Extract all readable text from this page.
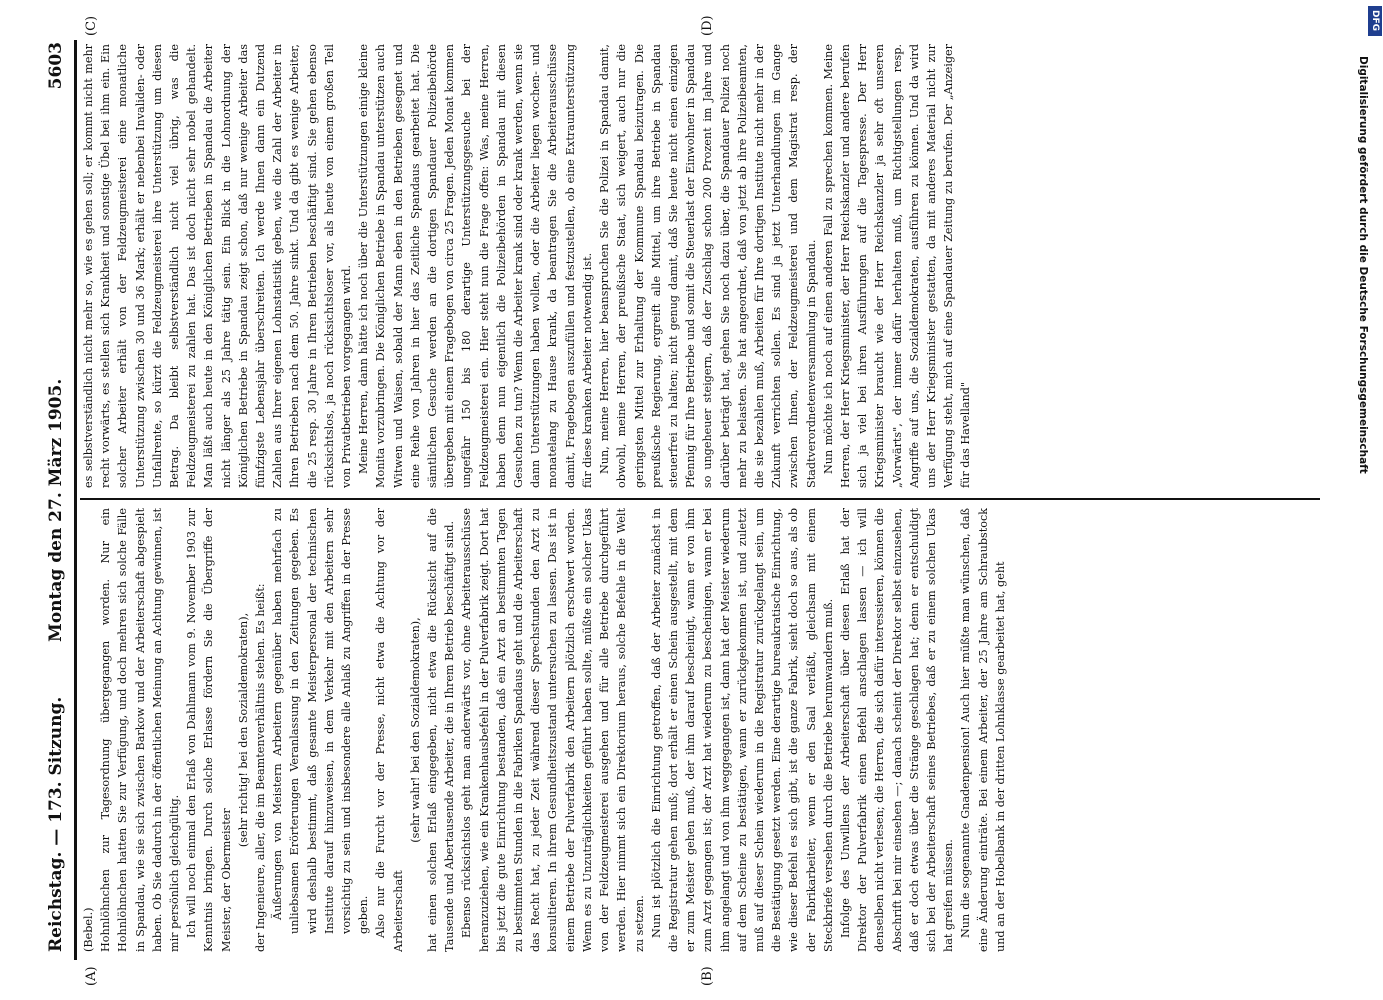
Reichstag. — 173. Sitzung.
Montag den 27. März 1905.
5603

(Bebel.) Hohnlöhnchen zur Tagesordnung übergegangen worden. Nur ein Hohnlöhnchen hatten Sie zur Verfügung, und doch mehren sich solche Fälle in Spandau, wie sie sich zwischen Barkow und der Arbeiterschaft abgespielt haben. Ob Sie dadurch in der öffentlichen Meinung an Achtung gewinnen, ist mir persönlich gleichgültig. Ich will noch einmal den Erlaß von Dahlmann vom 9. November 1903 zur Kenntnis bringen. Durch solche Erlasse fördern Sie die Übergriffe der Meister, der Obermeister

(sehr richtig! bei den Sozialdemokraten), der Ingenieure, aller, die im Beamtenverhältnis stehen. Es heißt: Äußerungen von Meistern Arbeitern gegenüber haben mehrfach zu unliebsamen Erörterungen Veranlassung in den Zeitungen gegeben. Es wird deshalb bestimmt, daß gesamte Meisterpersonal der technischen Institute darauf hinzuweisen, in dem Verkehr mit den Arbeitern sehr vorsichtig zu sein und insbesondere alle Anlaß zu Angriffen in der Presse geben. Also nur die Furcht vor der Presse, nicht etwa die Achtung vor der Arbeiterschaft

(sehr wahr! bei den Sozialdemokraten), hat einen solchen Erlaß eingegeben, nicht etwa die Rücksicht auf die Tausende und Abertausende Arbeiter, die in Ihrem Betrieb beschäftigt sind. Ebenso rücksichtslos geht man anderwärts vor, ohne Arbeiterausschüsse heranzuziehen, wie ein Krankenhausbefehl in der Pulverfabrik zeigt. Dort hat bis jetzt die gute Einrichtung bestanden, daß ein Arzt an bestimmten Tagen zu bestimmten Stunden in die Fabriken Spandaus geht und die Arbeiterschaft das Recht hat, zu jeder Zeit während dieser Sprechstunden den Arzt zu konsultieren. In ihrem Gesundheitszustand untersuchen zu lassen. Das ist in einem Betriebe der Pulverfabrik den Arbeitern plötzlich erschwert worden. Wenn es zu Unzuträglichkeiten geführt haben sollte, müßte ein solcher Ukas von der Feldzeugmeisterei ausgehen und für alle Betriebe durchgeführt werden. Hier nimmt sich ein Direktorium heraus, solche Befehle in die Welt zu setzen. Nun ist plötzlich die Einrichtung getroffen, daß der Arbeiter zunächst in die Registratur gehen muß; dort erhält er einen Schein ausgestellt, mit dem er zum Meister gehen muß, der ihm darauf bescheinigt, wann er von ihm zum Arzt gegangen ist; der Arzt hat wiederum zu bescheinigen, wann er bei ihm angelangt und von ihm weggegangen ist, dann hat der Meister wiederum auf dem Scheine zu bestätigen, wann er zurückgekommen ist, und zuletzt muß auf dieser Schein wiederum in die Registratur zurückgelangt sein, um die Bestätigung gesetzt werden. Eine derartige bureaukratische Einrichtung, wie dieser Befehl es sich gibt, ist die ganze Fabrik, sieht doch so aus, als ob der Fabrikarbeiter, wenn er den Saal verläßt, gleichsam mit einem Steckbriefe versehen durch die Betriebe herumwandern muß. Infolge des Unwillens der Arbeiterschaft über diesen Erlaß hat der Direktor der Pulverfabrik einen Befehl anschlagen lassen — ich will denselben nicht verlesen; die Herren, die sich dafür interessieren, können die Abschrift bei mir einsehen —; danach scheint der Direktor selbst einzusehen, daß er doch etwas über die Stränge geschlagen hat; denn er entschuldigt sich bei der Arbeiterschaft seines Betriebes, daß er zu einem solchen Ukas hat greifen müssen. Nun die sogenannte Gnadenpension! Auch hier müßte man wünschen, daß eine Änderung einträte. Bei einem Arbeiter, der 25 Jahre am Schraubstock und an der Hobelbank in der dritten Lohnklasse gearbeitet hat, geht

es selbstverständlich nicht mehr so, wie es gehen soll; er kommt nicht mehr recht vorwärts, es stellen sich Krankheit und sonstige Übel bei ihm ein. Ein solcher Arbeiter erhält von der Feldzeugmeisterei eine monatliche Unterstützung zwischen 30 und 36 Mark; erhält er nebenbei Invaliden- oder Unfallrente, so kürzt die Feldzeugmeisterei ihre Unterstützung um diesen Betrag. Da bleibt selbstverständlich nicht viel übrig, was die Feldzeugmeisterei zu zahlen hat. Das ist doch nicht sehr nobel gehandelt. Man läßt auch heute in den Königlichen Betrieben in Spandau die Arbeiter nicht länger als 25 Jahre tätig sein. Ein Blick in die Lohnordnung der Königlichen Betriebe in Spandau zeigt schon, daß nur wenige Arbeiter das fünfzigste Lebensjahr überschreiten. Ich werde Ihnen dann ein Dutzend Zahlen aus Ihrer eigenen Lohnstatistik geben, wie die Zahl der Arbeiter in Ihren Betrieben nach dem 50. Jahre sinkt. Und da gibt es wenige Arbeiter, die 25 resp. 30 Jahre in Ihren Betrieben beschäftigt sind. Sie gehen ebenso rücksichtslos, ja noch rücksichtsloser vor, als heute von einem großen Teil von Privatbetrieben vorgegangen wird. Meine Herren, dann hätte ich noch über die Unterstützungen einige kleine Monita vorzubringen. Die Königlichen Betriebe in Spandau unterstützen auch Witwen und Waisen, sobald der Mann eben in den Betrieben gesegnet und eine Reihe von Jahren in hier das Zeitliche Spandaus gearbeitet hat. Die sämtlichen Gesuche werden an die dortigen Spandauer Polizeibehörde übergeben mit einem Fragebogen von circa 25 Fragen. Jeden Monat kommen ungefähr 150 bis 180 derartige Unterstützungsgesuche bei der Feldzeugmeisterei ein. Hier steht nun die Frage offen: Was, meine Herren, haben denn nun eigentlich die Polizeibehörden in Spandau mit diesen Gesuchen zu tun? Wenn die Arbeiter krank sind oder krank werden, wenn sie dann Unterstützungen haben wollen, oder die Arbeiter liegen wochen- und monatelang zu Hause krank, da beantragen Sie die Arbeiterausschüsse damit, Fragebogen auszufüllen und festzustellen, ob eine Extraunterstützung für diese kranken Arbeiter notwendig ist. Nun, meine Herren, hier beanspruchen Sie die Polizei in Spandau damit, obwohl, meine Herren, der preußische Staat, sich weigert, auch nur die geringsten Mittel zur Erhaltung der Kommune Spandau beizutragen. Die preußische Regierung, ergreift alle Mittel, um ihre Betriebe in Spandau steuerfrei zu halten; nicht genug damit, daß Sie heute nicht einen einzigen Pfennig für Ihre Betriebe und somit die Steuerlast der Einwohner in Spandau so ungeheuer steigern, daß der Zuschlag schon 200 Prozent im Jahre und darüber beträgt hat, gehen Sie noch dazu über, die Spandauer Polizei noch mehr zu belasten. Sie hat angeordnet, daß von jetzt ab ihre Polizeibeamten, die sie bezahlen muß, Arbeiten für Ihre dortigen Institute nicht mehr in der Zukunft verrichten sollen. Es sind ja jetzt Unterhandlungen im Gange zwischen Ihnen, der Feldzeugmeisterei und dem Magistrat resp. der Stadtverordnetenversammlung in Spandau. Nun möchte ich noch auf einen anderen Fall zu sprechen kommen. Meine Herren, der Herr Kriegsminister, der Herr Reichskanzler und andere berufen sich ja viel bei ihren Ausführungen auf die Tagespresse. Der Herr Kriegsminister braucht wie der Herr Reichskanzler ja sehr oft unseren „Vorwärts", der immer dafür herhalten muß, um Richtigstellungen resp. Angriffe auf uns, die Sozialdemokraten, ausführen zu können. Und da wird uns der Herr Kriegsminister gestatten, da mit anderes Material nicht zur Verfügung steht, mich auf eine Spandauer Zeitung zu berufen. Der „Anzeiger für das Havelland"

(A)	(B)
(C)	(D)	DFG
Digitalisierung gefördert durch die Deutsche Forschungsgemeinschaft
